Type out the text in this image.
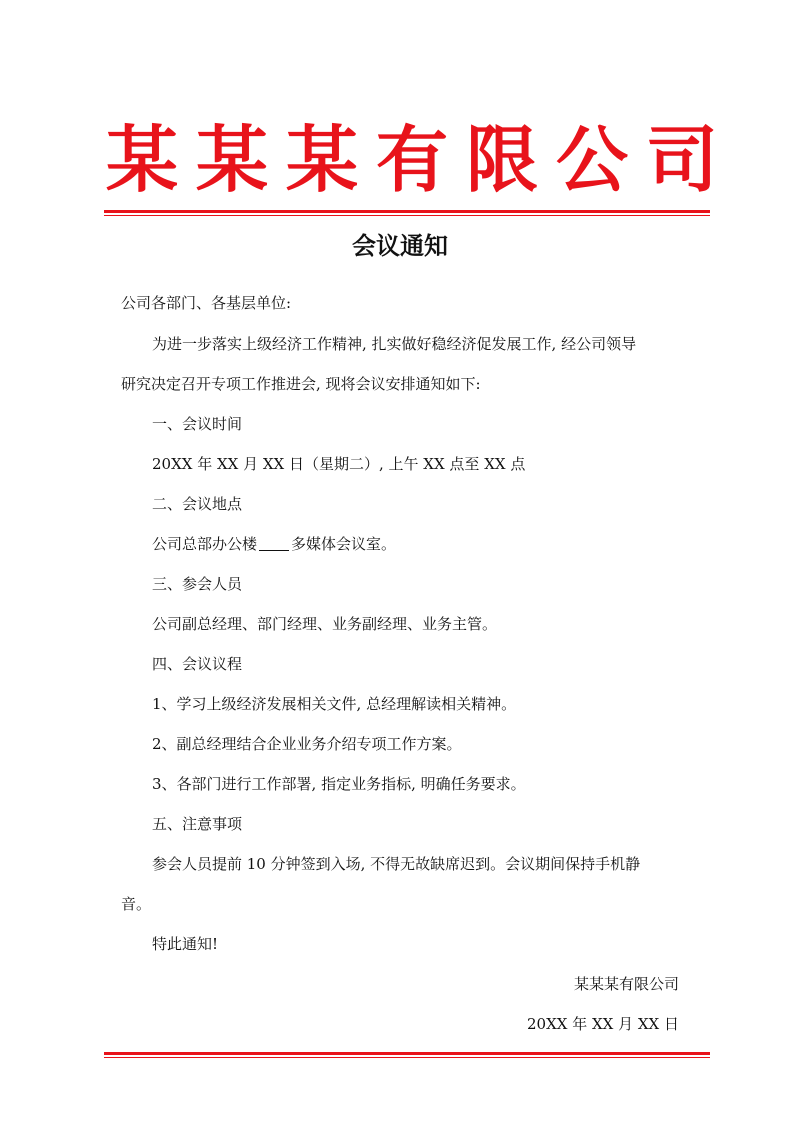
某某某有限公司
会议通知
公司各部门、各基层单位:
为进一步落实上级经济工作精神, 扎实做好稳经济促发展工作, 经公司领导
研究决定召开专项工作推进会, 现将会议安排通知如下:
一、会议时间
20XX 年 XX 月 XX 日（星期二）, 上午 XX 点至 XX 点
二、会议地点
公司总部办公楼 多媒体会议室。
三、参会人员
公司副总经理、部门经理、业务副经理、业务主管。
四、会议议程
1、学习上级经济发展相关文件, 总经理解读相关精神。
2、副总经理结合企业业务介绍专项工作方案。
3、各部门进行工作部署, 指定业务指标, 明确任务要求。
五、注意事项
参会人员提前 10 分钟签到入场, 不得无故缺席迟到。会议期间保持手机静
音。
特此通知!
某某某有限公司
20XX 年 XX 月 XX 日
